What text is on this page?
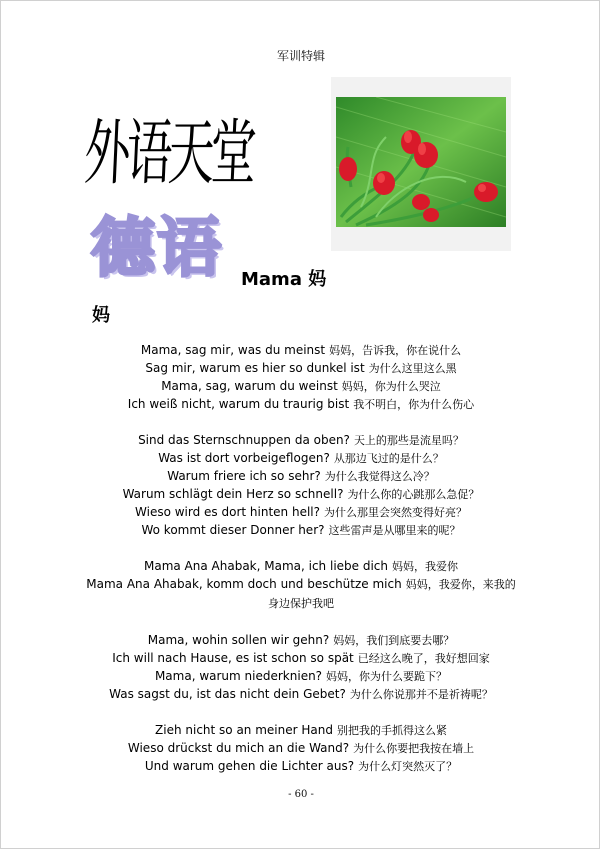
军训特辑
外语天堂
德语 Mama 妈
妈
Mama, sag mir, was du meinst 妈妈，告诉我，你在说什么
Sag mir, warum es hier so dunkel ist 为什么这里这么黑
Mama, sag, warum du weinst 妈妈，你为什么哭泣
Ich weiß nicht, warum du traurig bist 我不明白，你为什么伤心
Sind das Sternschnuppen da oben? 天上的那些是流星吗？
Was ist dort vorbeigeflogen? 从那边飞过的是什么？
Warum friere ich so sehr? 为什么我觉得这么冷？
Warum schlägt dein Herz so schnell? 为什么你的心跳那么急促？
Wieso wird es dort hinten hell? 为什么那里会突然变得好亮？
Wo kommt dieser Donner her? 这些雷声是从哪里来的呢？
Mama Ana Ahabak, Mama, ich liebe dich 妈妈，我爱你
Mama Ana Ahabak, komm doch und beschütze mich 妈妈，我爱你，来我的身边保护我吧
Mama, wohin sollen wir gehn? 妈妈，我们到底要去哪？
Ich will nach Hause, es ist schon so spät 已经这么晚了，我好想回家
Mama, warum niederknien? 妈妈，你为什么要跪下？
Was sagst du, ist das nicht dein Gebet? 为什么你说那并不是祈祷呢？
Zieh nicht so an meiner Hand 别把我的手抓得这么紧
Wieso drückst du mich an die Wand? 为什么你要把我按在墙上
Und warum gehen die Lichter aus? 为什么灯突然灭了？
- 60 -
